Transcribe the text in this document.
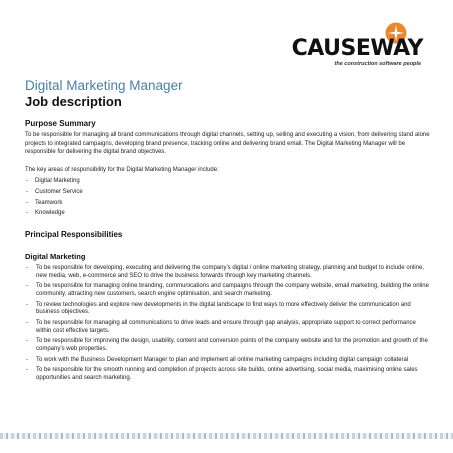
CAUSEWAY
the construction software people
Digital Marketing Manager
Job description
Purpose Summary

To be responsible for managing all brand communications through digital channels, setting up, selling and executing a vision, from delivering stand alone projects to integrated campaigns, developing brand presence, tracking online and delivering brand email. The Digital Marketing Manager will be responsible for delivering the digital brand objectives.

The key areas of responsibility for the Digital Marketing Manager include:

- Digital Marketing
- Customer Service
- Teamwork
- Knowledge
Principal Responsibilities
Digital Marketing
- To be responsible for developing, executing and delivering the company’s digital / online marketing strategy, planning and budget to include online, new media, web, e-commerce and SEO to drive the business forwards through key marketing channels.
- To be responsible for managing online branding, communications and campaigns through the company website, email marketing, building the online community, attracting new customers, search engine optimisation, and search marketing.
- To review technologies and explore new developments in the digital landscape to find ways to more effectively deliver the communication and business objectives.
- To be responsible for managing all communications to drive leads and ensure through gap analysis, appropriate support to correct performance within cost effective targets.
- To be responsible for improving the design, usability, content and conversion points of the company website and for the promotion and growth of the company’s web properties.
- To work with the Business Development Manager to plan and implement all online marketing campaigns including digital campaign collateral
- To be responsible for the smooth running and completion of projects across site builds, online advertising, social media, maximising online sales opportunities and search marketing.
